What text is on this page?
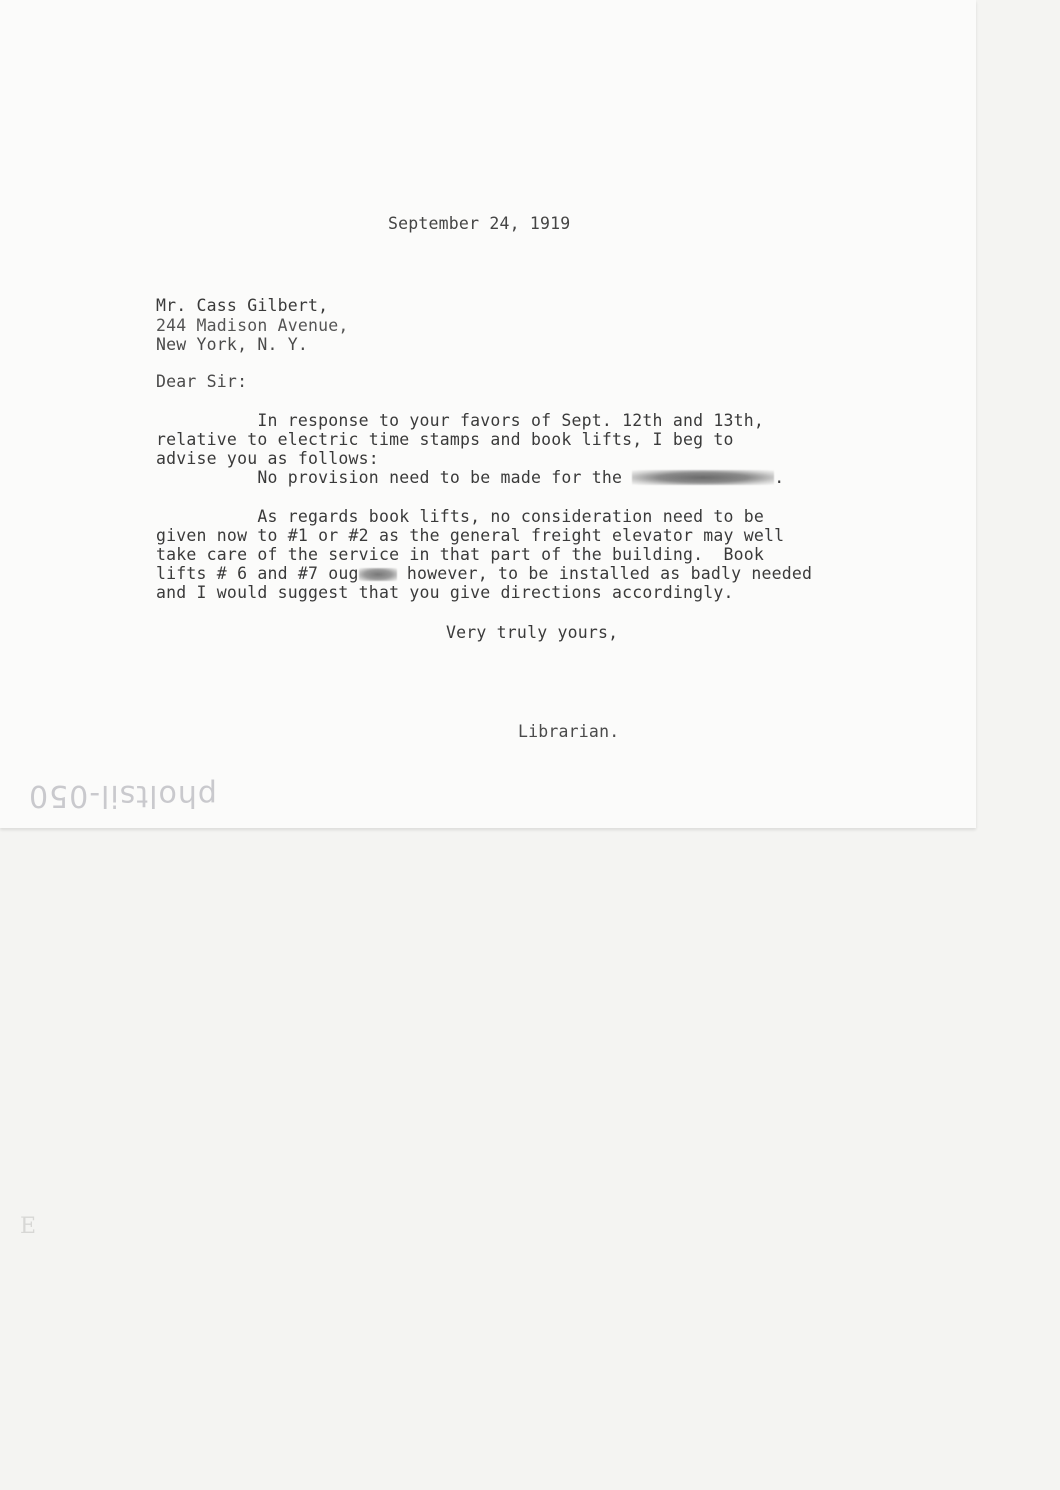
September 24, 1919
Mr. Cass Gilbert,
244 Madison Avenue,
New York, N. Y.
Dear Sir:
In response to your favors of Sept. 12th and 13th,
relative to electric time stamps and book lifts, I beg to
advise you as follows:
No provision need to be made for the	.
As regards book lifts, no consideration need to be
given now to #1 or #2 as the general freight elevator may well
take care of the service in that part of the building.  Book
lifts # 6 and #7 oug however, to be installed as badly needed
and I would suggest that you give directions accordingly.
Very truly yours,
Librarian.
pholtsil-050
E
